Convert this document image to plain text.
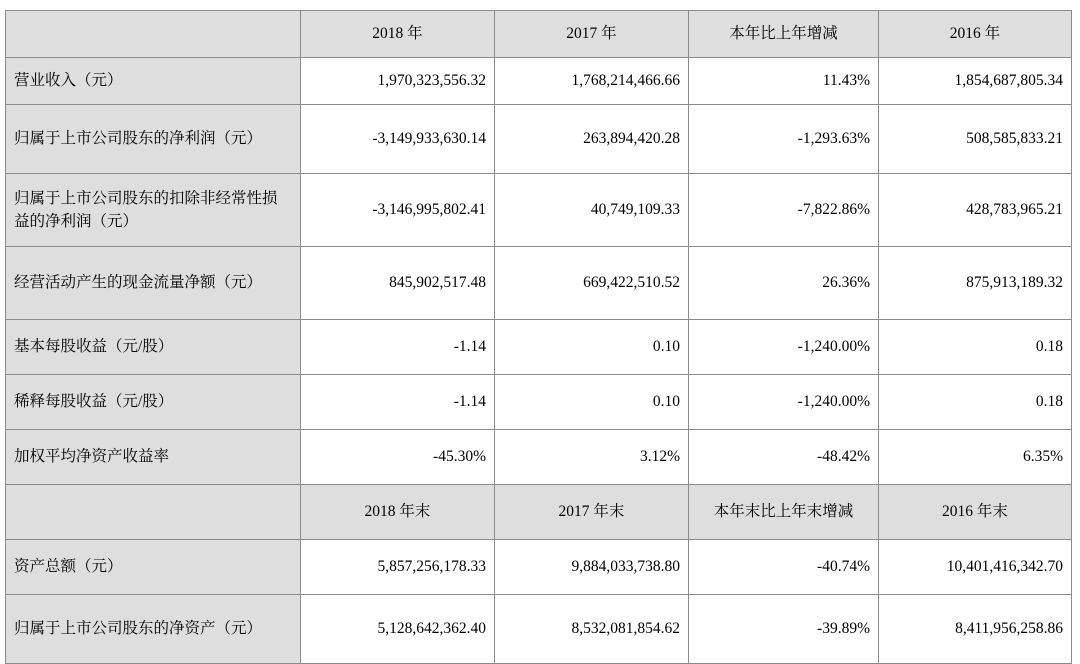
	2018 年	2017 年	本年比上年增减	2016 年
营业收入（元）	1,970,323,556.32	1,768,214,466.66	11.43%	1,854,687,805.34
归属于上市公司股东的净利润（元）	-3,149,933,630.14	263,894,420.28	-1,293.63%	508,585,833.21
归属于上市公司股东的扣除非经常性损益的净利润（元）	-3,146,995,802.41	40,749,109.33	-7,822.86%	428,783,965.21
经营活动产生的现金流量净额（元）	845,902,517.48	669,422,510.52	26.36%	875,913,189.32
基本每股收益（元/股）	-1.14	0.10	-1,240.00%	0.18
稀释每股收益（元/股）	-1.14	0.10	-1,240.00%	0.18
加权平均净资产收益率	-45.30%	3.12%	-48.42%	6.35%
	2018 年末	2017 年末	本年末比上年末增减	2016 年末
资产总额（元）	5,857,256,178.33	9,884,033,738.80	-40.74%	10,401,416,342.70
归属于上市公司股东的净资产（元）	5,128,642,362.40	8,532,081,854.62	-39.89%	8,411,956,258.86
